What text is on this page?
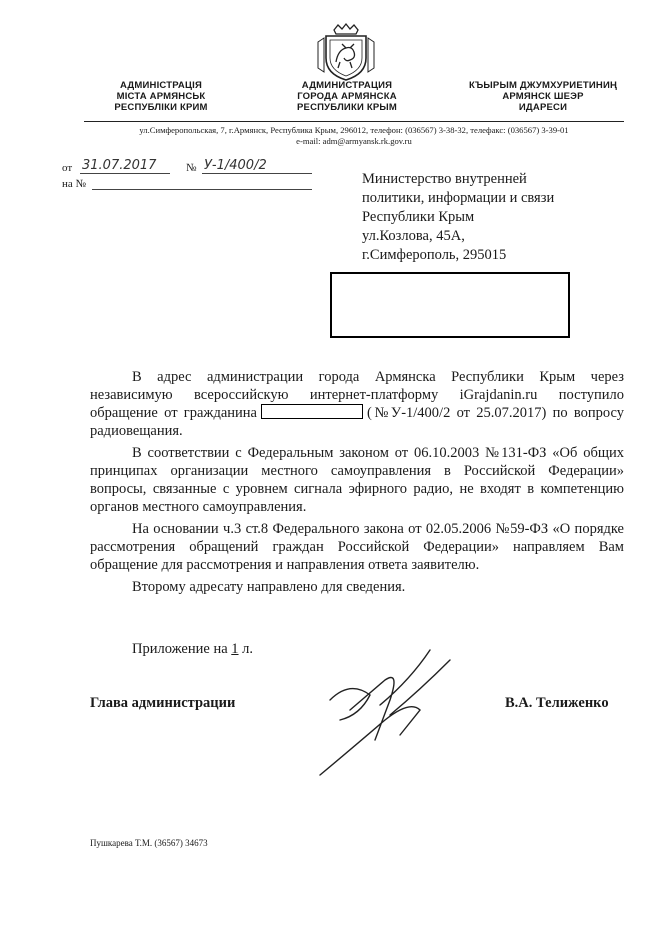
АДМИНІСТРАЦІЯ
МІСТА АРМЯНСЬК
РЕСПУБЛІКИ КРИМ
АДМИНИСТРАЦИЯ
ГОРОДА АРМЯНСКА
РЕСПУБЛИКИ КРЫМ
КЪЫРЫМ ДЖУМХУРИЕТИНИҢ
АРМЯНСК ШЕЭР
ИДАРЕСИ
ул.Симферопольская, 7, г.Армянск, Республика Крым, 296012, телефон: (036567) 3-38-32, телефакс: (036567) 3-39-01
e-mail: adm@armyansk.rk.gov.ru
от 31.07.2017	№ У-1/400/2
на №	Министерство внутренней
политики, информации и связи
Республики Крым
ул.Козлова, 45А,
г.Симферополь, 295015

В адрес администрации города Армянска Республики Крым через независимую всероссийскую интернет-платформу iGrajdanin.ru поступило обращение от гражданина	(№У-1/400/2 от 25.07.2017) по вопросу радиовещания.

В соответствии с Федеральным законом от 06.10.2003 №131-ФЗ «Об общих принципах организации местного самоуправления в Российской Федерации» вопросы, связанные с уровнем сигнала эфирного радио, не входят в компетенцию органов местного самоуправления.

На основании ч.3 ст.8 Федерального закона от 02.05.2006 №59-ФЗ «О порядке рассмотрения обращений граждан Российской Федерации» направляем Вам обращение для рассмотрения и направления ответа заявителю.

Второму адресату направлено для сведения.

Приложение на 1 л.
Глава администрации	В.А. Телиженко
Пушкарева Т.М. (36567) 34673
